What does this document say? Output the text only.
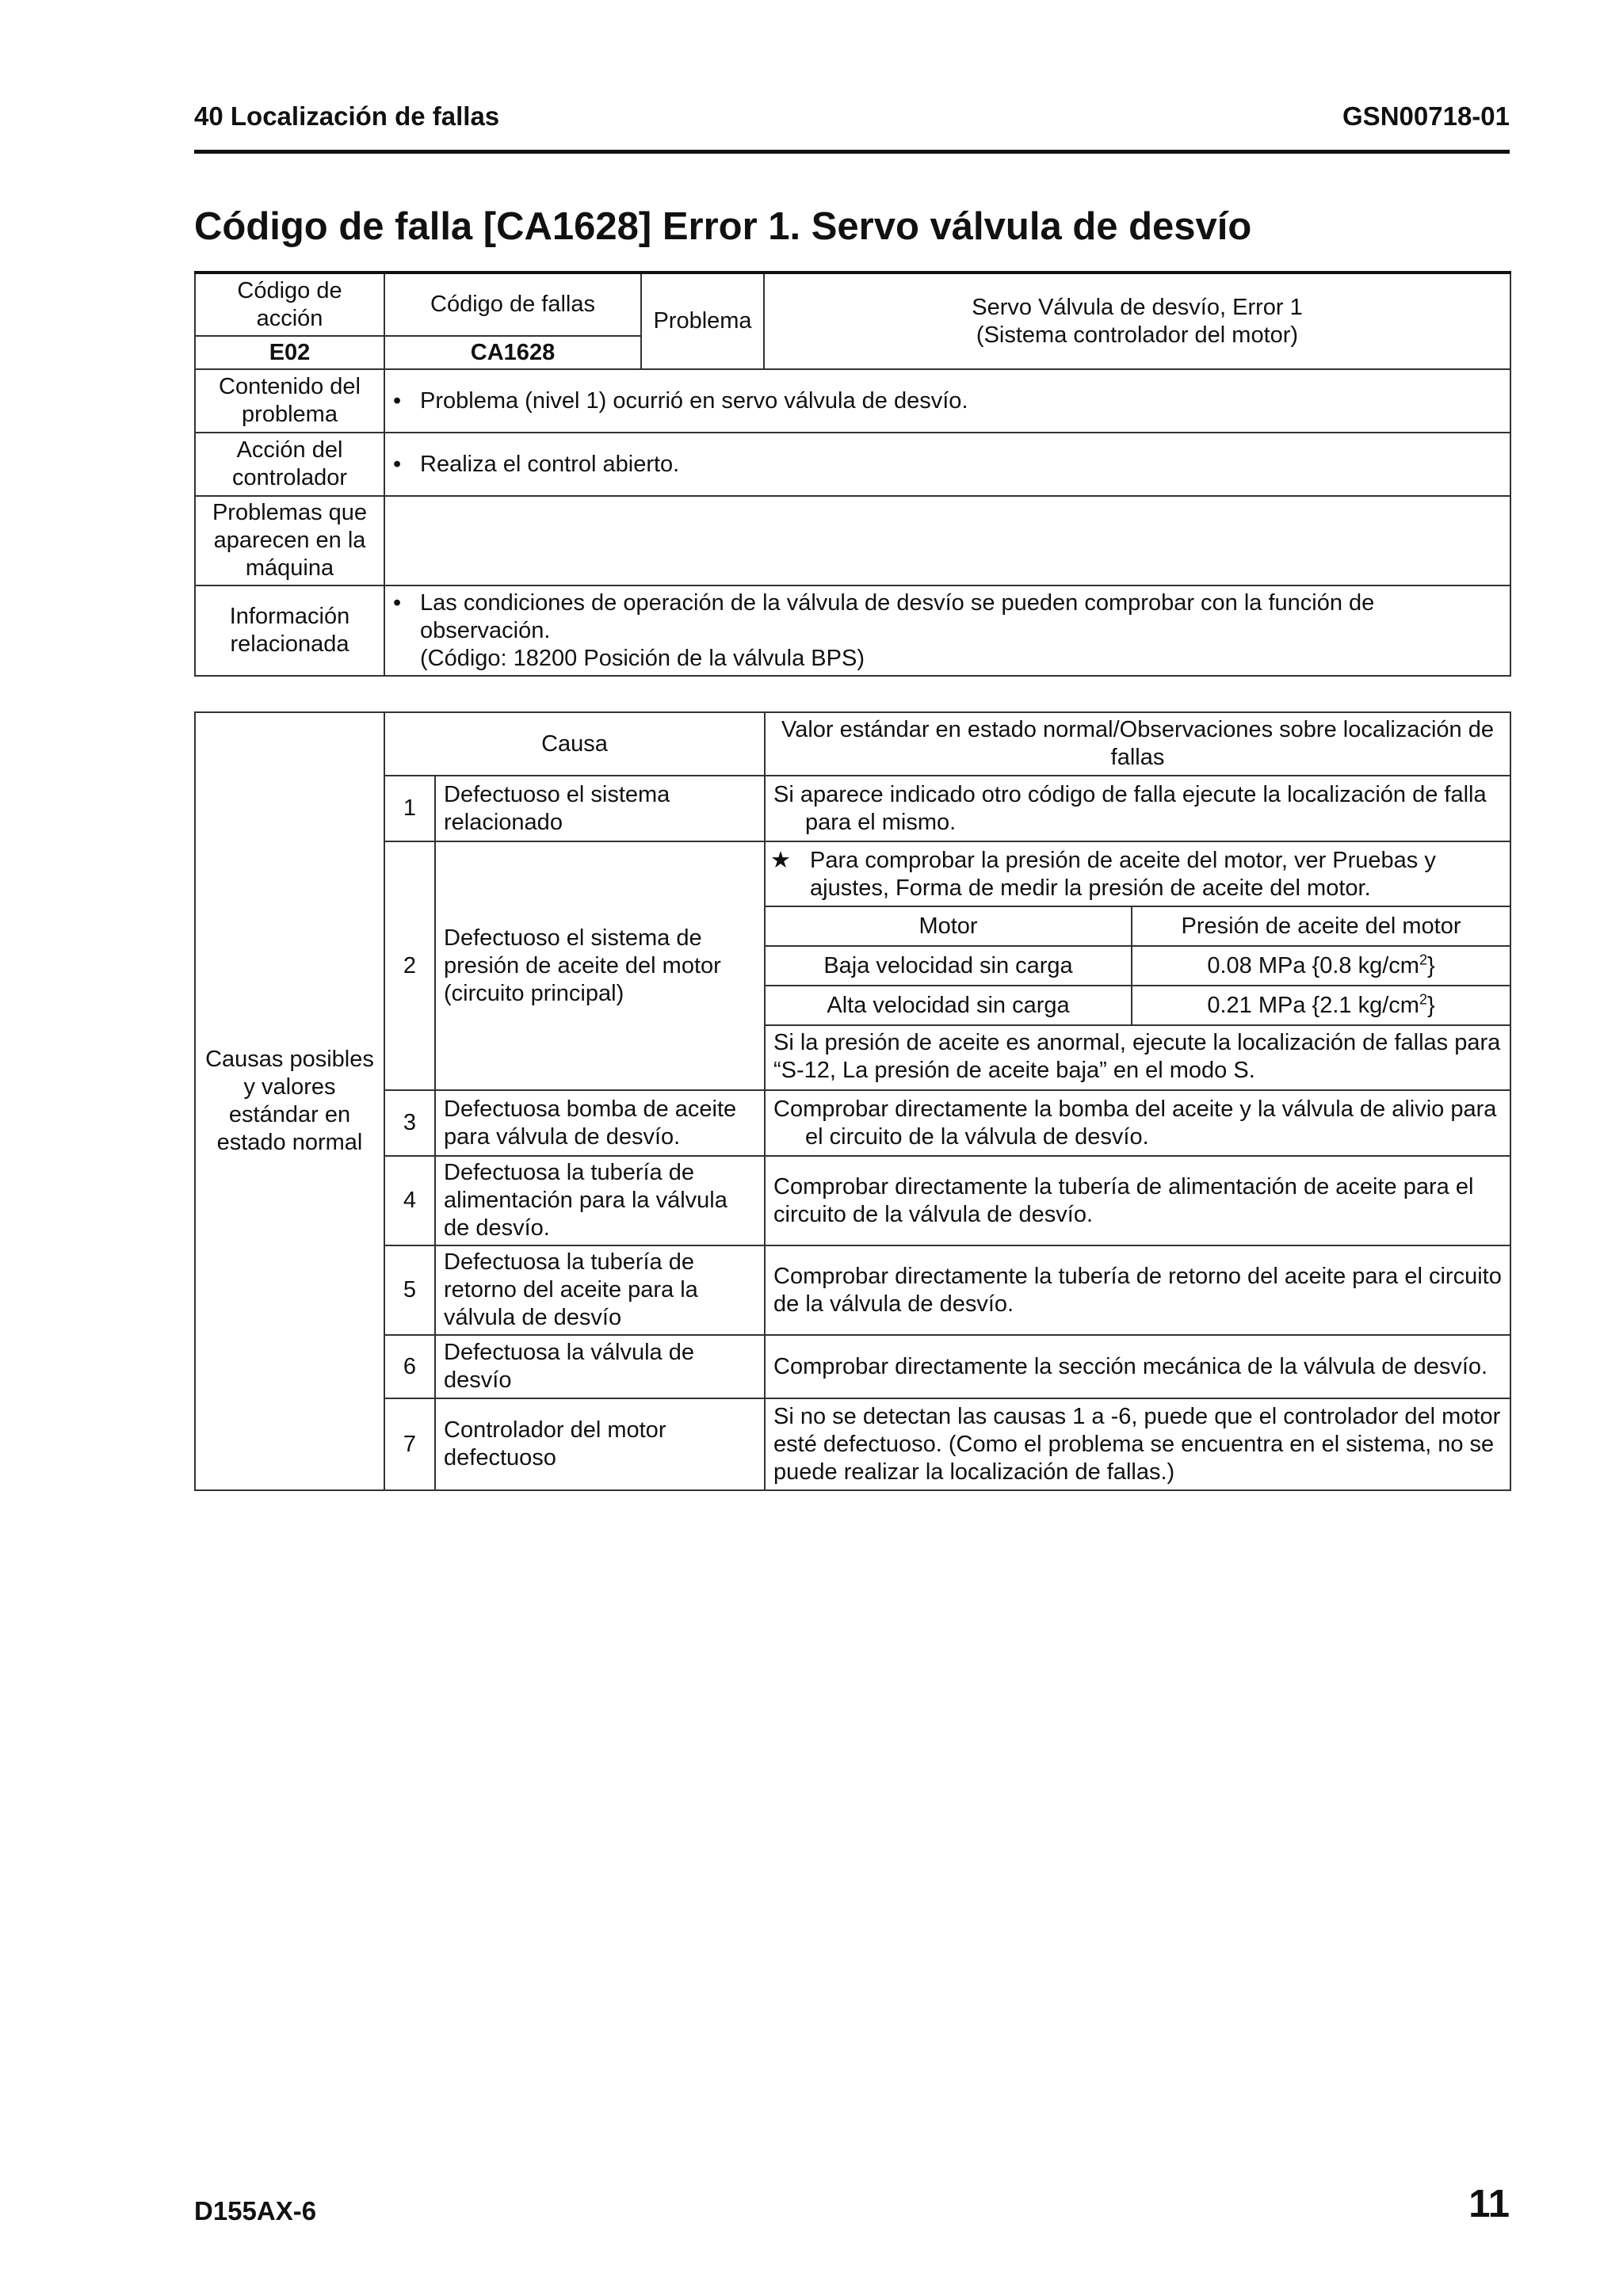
40 Localización de fallas	GSN00718-01
Código de falla [CA1628] Error 1. Servo válvula de desvío
Código de acción	Código de fallas	Problema	Servo Válvula de desvío, Error 1
(Sistema controlador del motor)

E02	CA1628		
Contenido del problema	• Problema (nivel 1) ocurrió en servo válvula de desvío.		

Acción del controlador	• Realiza el control abierto.		

Problemas que aparecen en la máquina			
Información relacionada	• Las condiciones de operación de la válvula de desvío se pueden comprobar con la función de observación.
(Código: 18200 Posición de la válvula BPS)		
Causas posibles y valores estándar en estado normal	Causa	Valor estándar en estado normal/Observaciones sobre localización de fallas
1	Defectuoso el sistema relacionado	Si aparece indicado otro código de falla ejecute la localización de falla para el mismo.
2	Defectuoso el sistema de presión de aceite del motor (circuito principal)	
★ Para comprobar la presión de aceite del motor, ver Pruebas y ajustes, Forma de medir la presión de aceite del motor.
Motor	Presión de aceite del motor
Baja velocidad sin carga	0.08 MPa {0.8 $kg/cm^2$}
Alta velocidad sin carga	0.21 MPa {2.1 $kg/cm^2$}
Si la presión de aceite es anormal, ejecute la localización de fallas para “S-12, La presión de aceite baja” en el modo S.

3	Defectuosa bomba de aceite para válvula de desvío.	Comprobar directamente la bomba del aceite y la válvula de alivio para el circuito de la válvula de desvío.
4	Defectuosa la tubería de alimentación para la válvula de desvío.	Comprobar directamente la tubería de alimentación de aceite para el circuito de la válvula de desvío.
5	Defectuosa la tubería de retorno del aceite para la válvula de desvío	Comprobar directamente la tubería de retorno del aceite para el circuito de la válvula de desvío.
6	Defectuosa la válvula de desvío	Comprobar directamente la sección mecánica de la válvula de desvío.
7	Controlador del motor defectuoso	Si no se detectan las causas 1 a -6, puede que el controlador del motor esté defectuoso. (Como el problema se encuentra en el sistema, no se puede realizar la localización de fallas.)
D155AX-6	11
